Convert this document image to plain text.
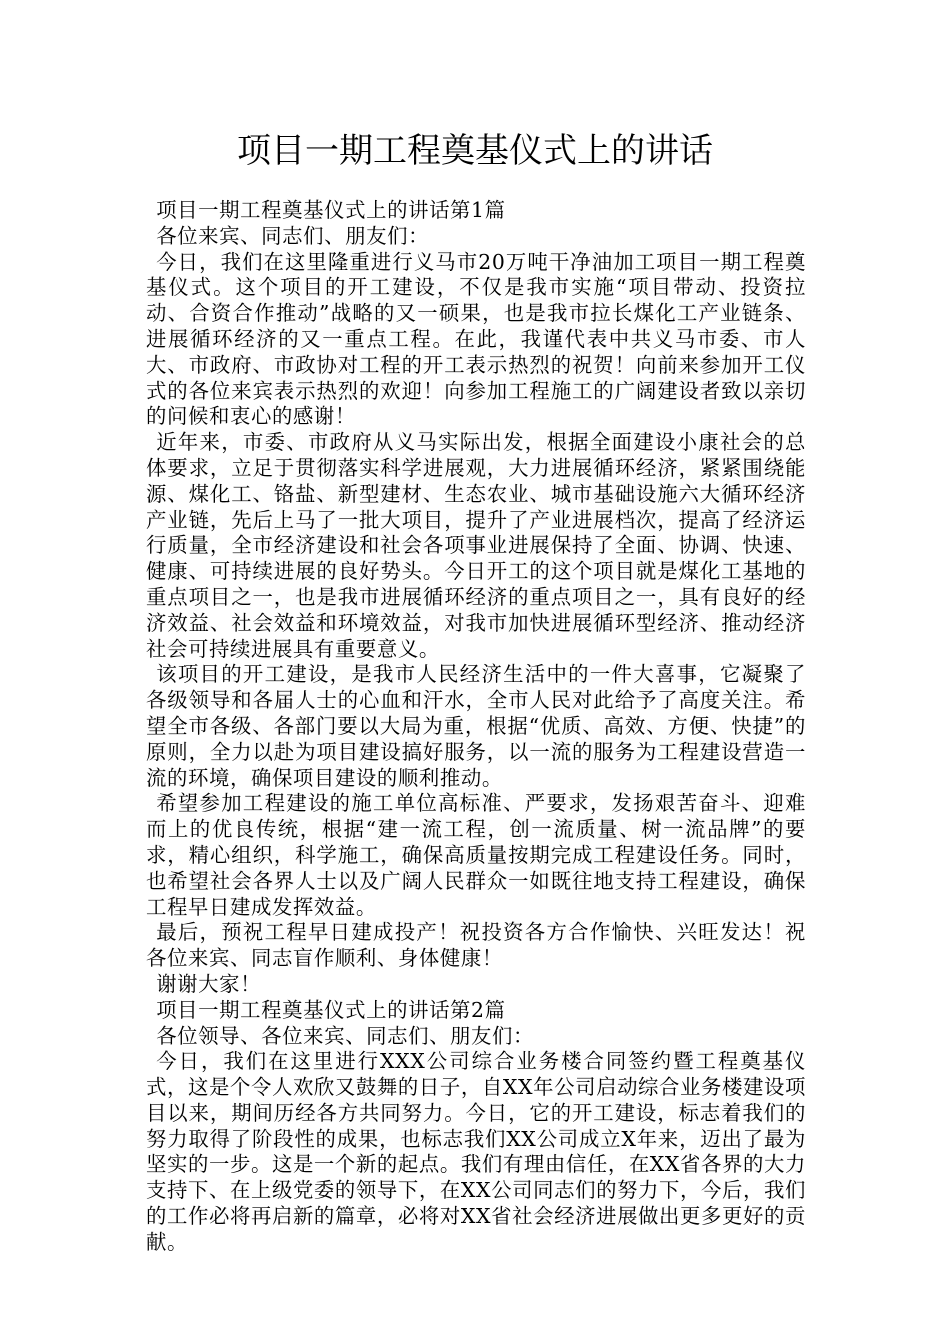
项目一期工程奠基仪式上的讲话

项目一期工程奠基仪式上的讲话第1篇

各位来宾、同志们、朋友们：

今日，我们在这里隆重进行义马市20万吨干净油加工项目一期工程奠基仪式。这个项目的开工建设，不仅是我市实施“项目带动、投资拉动、合资合作推动”战略的又一硕果，也是我市拉长煤化工产业链条、进展循环经济的又一重点工程。在此，我谨代表中共义马市委、市人大、市政府、市政协对工程的开工表示热烈的祝贺！向前来参加开工仪式的各位来宾表示热烈的欢迎！向参加工程施工的广阔建设者致以亲切的问候和衷心的感谢！

近年来，市委、市政府从义马实际出发，根据全面建设小康社会的总体要求，立足于贯彻落实科学进展观，大力进展循环经济，紧紧围绕能源、煤化工、铬盐、新型建材、生态农业、城市基础设施六大循环经济产业链，先后上马了一批大项目，提升了产业进展档次，提高了经济运行质量，全市经济建设和社会各项事业进展保持了全面、协调、快速、健康、可持续进展的良好势头。今日开工的这个项目就是煤化工基地的重点项目之一，也是我市进展循环经济的重点项目之一，具有良好的经济效益、社会效益和环境效益，对我市加快进展循环型经济、推动经济社会可持续进展具有重要意义。

该项目的开工建设，是我市人民经济生活中的一件大喜事，它凝聚了各级领导和各届人士的心血和汗水，全市人民对此给予了高度关注。希望全市各级、各部门要以大局为重，根据“优质、高效、方便、快捷”的原则，全力以赴为项目建设搞好服务，以一流的服务为工程建设营造一流的环境，确保项目建设的顺利推动。

希望参加工程建设的施工单位高标准、严要求，发扬艰苦奋斗、迎难而上的优良传统，根据“建一流工程，创一流质量、树一流品牌”的要求，精心组织，科学施工，确保高质量按期完成工程建设任务。同时，也希望社会各界人士以及广阔人民群众一如既往地支持工程建设，确保工程早日建成发挥效益。

最后，预祝工程早日建成投产！祝投资各方合作愉快、兴旺发达！祝各位来宾、同志盲作顺利、身体健康！

谢谢大家！

项目一期工程奠基仪式上的讲话第2篇

各位领导、各位来宾、同志们、朋友们：

今日，我们在这里进行XXX公司综合业务楼合同签约暨工程奠基仪式，这是个令人欢欣又鼓舞的日子，自XX年公司启动综合业务楼建设项目以来，期间历经各方共同努力。今日，它的开工建设，标志着我们的努力取得了阶段性的成果，也标志我们XX公司成立X年来，迈出了最为坚实的一步。这是一个新的起点。我们有理由信任，在XX省各界的大力支持下、在上级党委的领导下，在XX公司同志们的努力下，今后，我们的工作必将再启新的篇章，必将对XX省社会经济进展做出更多更好的贡献。
